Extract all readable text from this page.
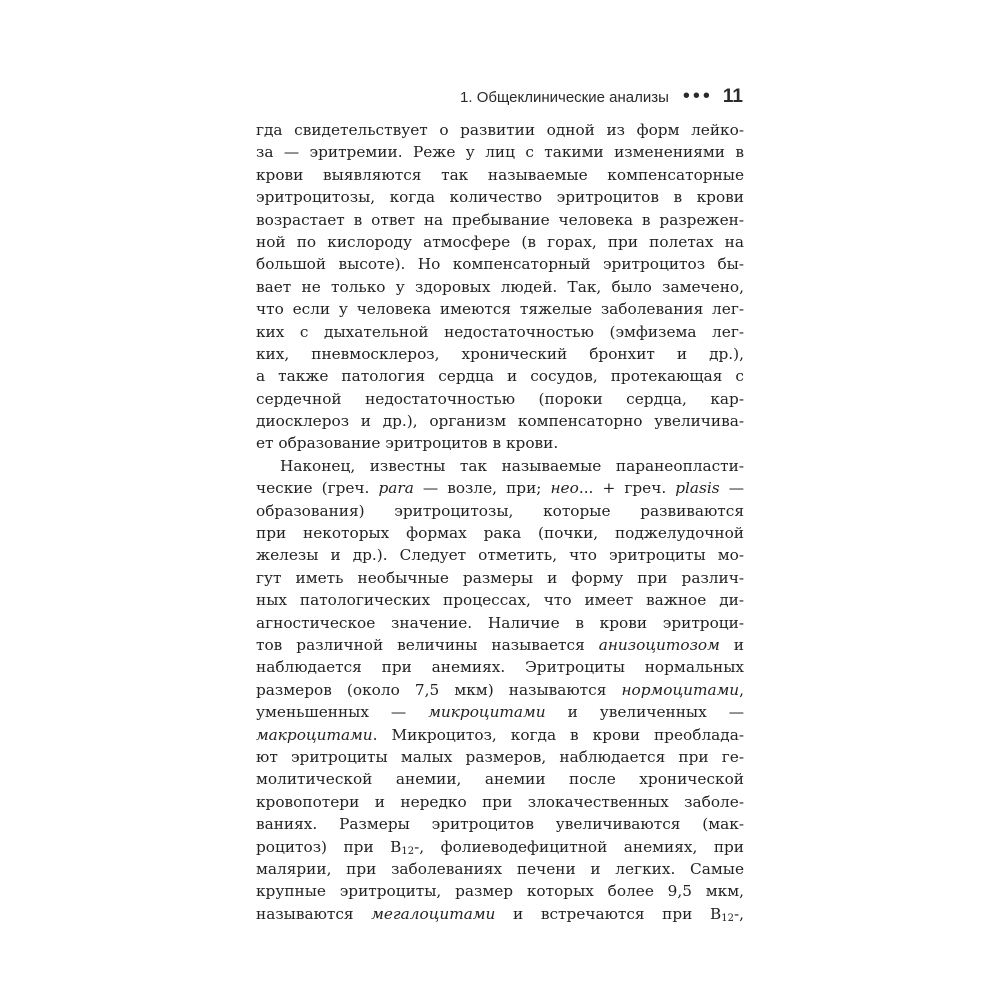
1. Общеклинические анализы ••• 11
гда свидетельствует о развитии одной из форм лейко-
за — эритремии. Реже у лиц с такими изменениями в
крови выявляются так называемые компенсаторные
эритроцитозы, когда количество эритроцитов в крови
возрастает в ответ на пребывание человека в разрежен-
ной по кислороду атмосфере (в горах, при полетах на
большой высоте). Но компенсаторный эритроцитоз бы-
вает не только у здоровых людей. Так, было замечено,
что если у человека имеются тяжелые заболевания лег-
ких с дыхательной недостаточностью (эмфизема лег-
ких, пневмосклероз, хронический бронхит и др.),
а также патология сердца и сосудов, протекающая с
сердечной недостаточностью (пороки сердца, кар-
диосклероз и др.), организм компенсаторно увеличива-
ет образование эритроцитов в крови.
Наконец, известны так называемые паранеопласти-
ческие (греч. para — возле, при; нео... + греч. plasis —
образования) эритроцитозы, которые развиваются
при некоторых формах рака (почки, поджелудочной
железы и др.). Следует отметить, что эритроциты мо-
гут иметь необычные размеры и форму при различ-
ных патологических процессах, что имеет важное ди-
агностическое значение. Наличие в крови эритроци-
тов различной величины называется анизоцитозом и
наблюдается при анемиях. Эритроциты нормальных
размеров (около 7,5 мкм) называются нормоцитами,
уменьшенных — микроцитами и увеличенных —
макроцитами. Микроцитоз, когда в крови преоблада-
ют эритроциты малых размеров, наблюдается при ге-
молитической анемии, анемии после хронической
кровопотери и нередко при злокачественных заболе-
ваниях. Размеры эритроцитов увеличиваются (мак-
роцитоз) при $B_{12}-$, фолиеводефицитной анемиях, при
малярии, при заболеваниях печени и легких. Самые
крупные эритроциты, размер которых более 9,5 мкм,
называются мегалоцитами и встречаются при $B_{12}-$,
